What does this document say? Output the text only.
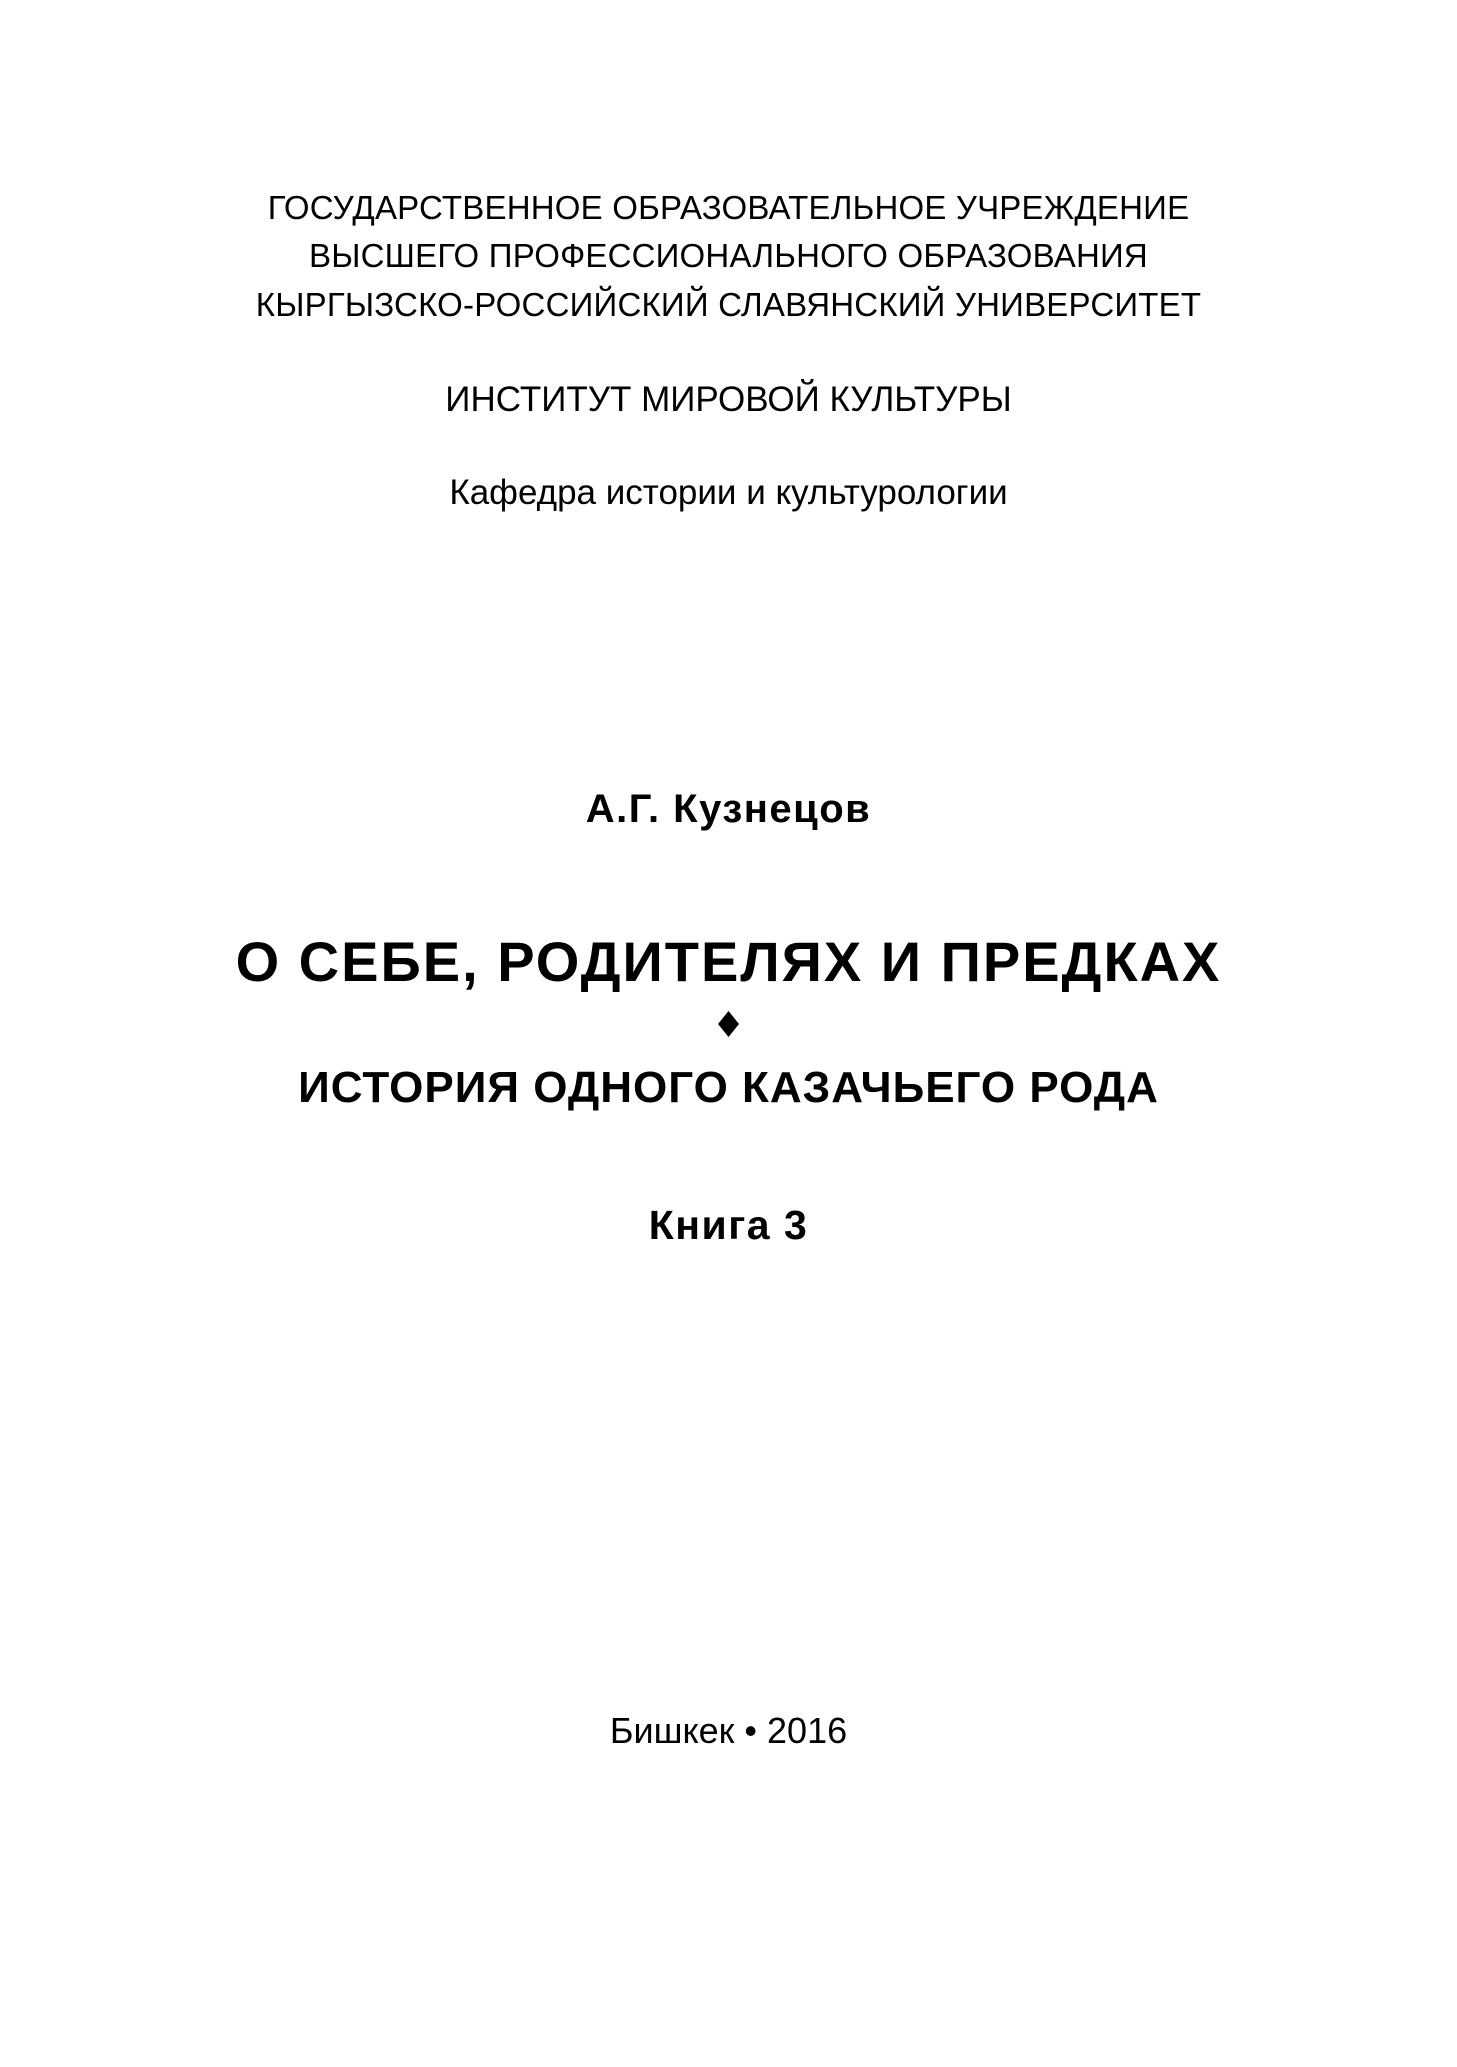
ГОСУДАРСТВЕННОЕ ОБРАЗОВАТЕЛЬНОЕ УЧРЕЖДЕНИЕ
ВЫСШЕГО ПРОФЕССИОНАЛЬНОГО ОБРАЗОВАНИЯ
КЫРГЫЗСКО-РОССИЙСКИЙ СЛАВЯНСКИЙ УНИВЕРСИТЕТ
ИНСТИТУТ МИРОВОЙ КУЛЬТУРЫ
Кафедра истории и культурологии
А.Г. Кузнецов
О СЕБЕ, РОДИТЕЛЯХ И ПРЕДКАХ
ИСТОРИЯ ОДНОГО КАЗАЧЬЕГО РОДА
Книга 3
Бишкек • 2016
